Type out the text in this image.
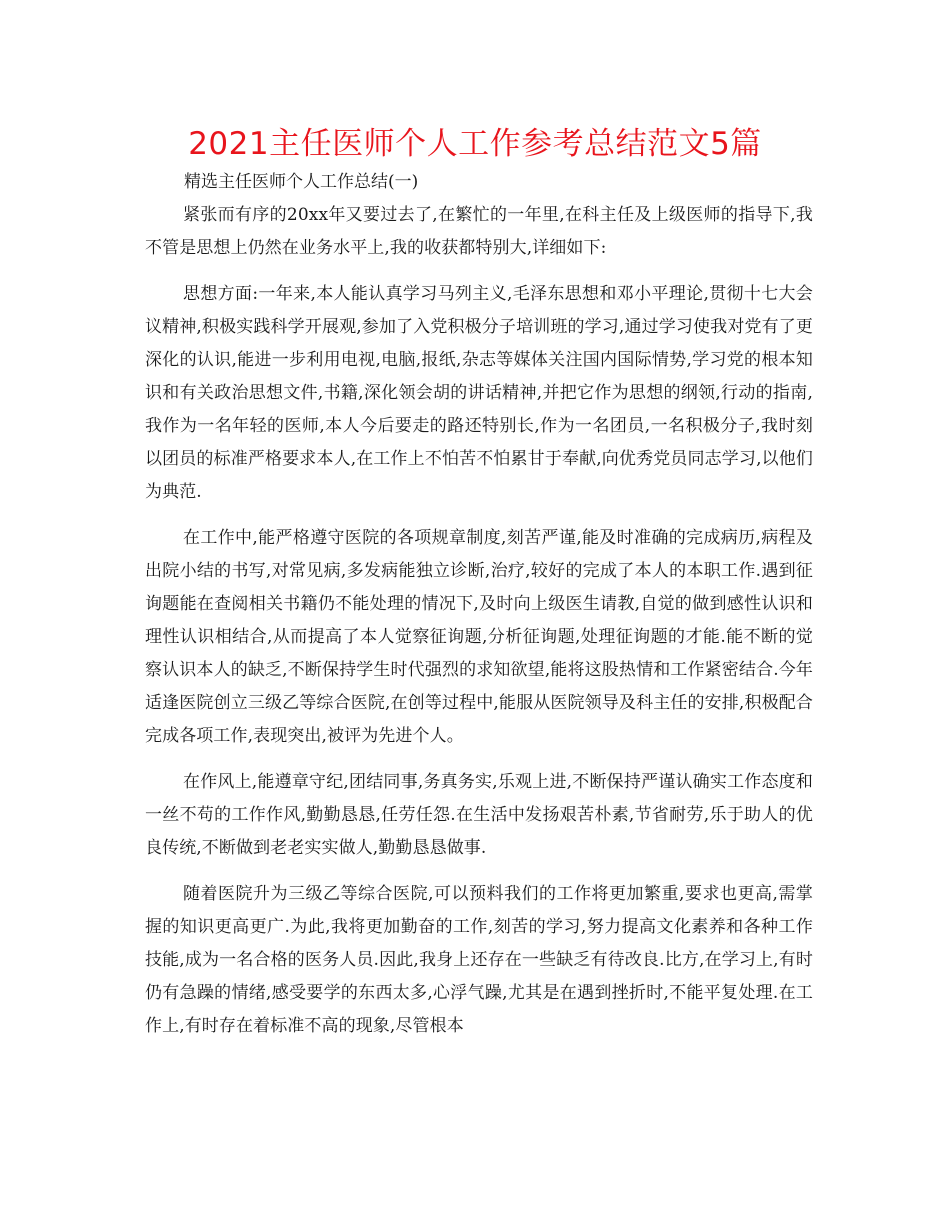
2021主任医师个人工作参考总结范文5篇

精选主任医师个人工作总结(一)

紧张而有序的20xx年又要过去了,在繁忙的一年里,在科主任及上级医师的指导下,我不管是思想上仍然在业务水平上,我的收获都特别大,详细如下:

思想方面:一年来,本人能认真学习马列主义,毛泽东思想和邓小平理论,贯彻十七大会议精神,积极实践科学开展观,参加了入党积极分子培训班的学习,通过学习使我对党有了更深化的认识,能进一步利用电视,电脑,报纸,杂志等媒体关注国内国际情势,学习党的根本知识和有关政治思想文件,书籍,深化领会胡的讲话精神,并把它作为思想的纲领,行动的指南,我作为一名年轻的医师,本人今后要走的路还特别长,作为一名团员,一名积极分子,我时刻以团员的标准严格要求本人,在工作上不怕苦不怕累甘于奉献,向优秀党员同志学习,以他们为典范.

在工作中,能严格遵守医院的各项规章制度,刻苦严谨,能及时准确的完成病历,病程及出院小结的书写,对常见病,多发病能独立诊断,治疗,较好的完成了本人的本职工作.遇到征询题能在查阅相关书籍仍不能处理的情况下,及时向上级医生请教,自觉的做到感性认识和理性认识相结合,从而提高了本人觉察征询题,分析征询题,处理征询题的才能.能不断的觉察认识本人的缺乏,不断保持学生时代强烈的求知欲望,能将这股热情和工作紧密结合.今年适逢医院创立三级乙等综合医院,在创等过程中,能服从医院领导及科主任的安排,积极配合完成各项工作,表现突出,被评为先进个人。

在作风上,能遵章守纪,团结同事,务真务实,乐观上进,不断保持严谨认确实工作态度和一丝不苟的工作作风,勤勤恳恳,任劳任怨.在生活中发扬艰苦朴素,节省耐劳,乐于助人的优良传统,不断做到老老实实做人,勤勤恳恳做事.

随着医院升为三级乙等综合医院,可以预料我们的工作将更加繁重,要求也更高,需掌握的知识更高更广.为此,我将更加勤奋的工作,刻苦的学习,努力提高文化素养和各种工作技能,成为一名合格的医务人员.因此,我身上还存在一些缺乏有待改良.比方,在学习上,有时仍有急躁的情绪,感受要学的东西太多,心浮气躁,尤其是在遇到挫折时,不能平复处理.在工作上,有时存在着标准不高的现象,尽管根本
